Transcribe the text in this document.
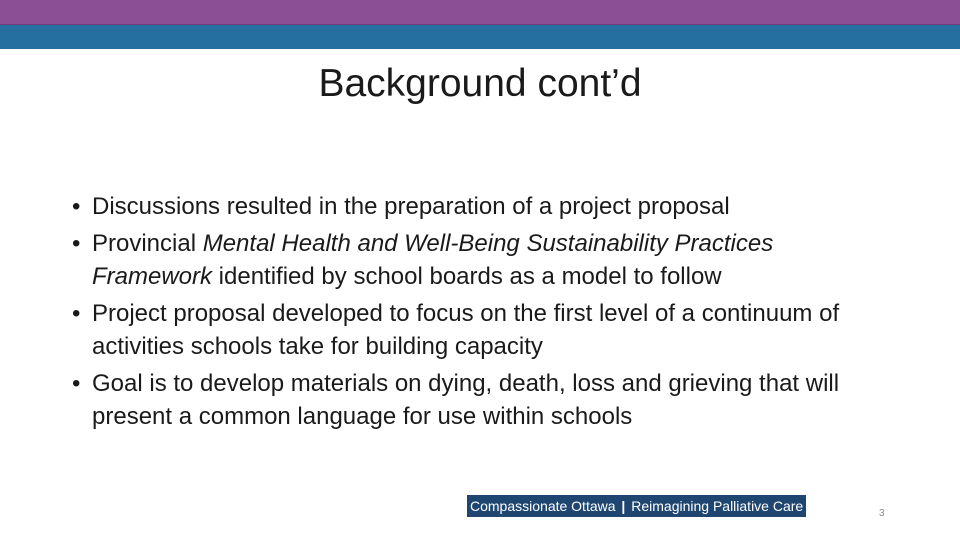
Background cont’d
• Discussions resulted in the preparation of a project proposal
• Provincial Mental Health and Well-Being Sustainability Practices Framework identified by school boards as a model to follow
• Project proposal developed to focus on the first level of a continuum of activities schools take for building capacity
• Goal is to develop materials on dying, death, loss and grieving that will present a common language for use within schools
Compassionate Ottawa | Reimagining Palliative Care	3
